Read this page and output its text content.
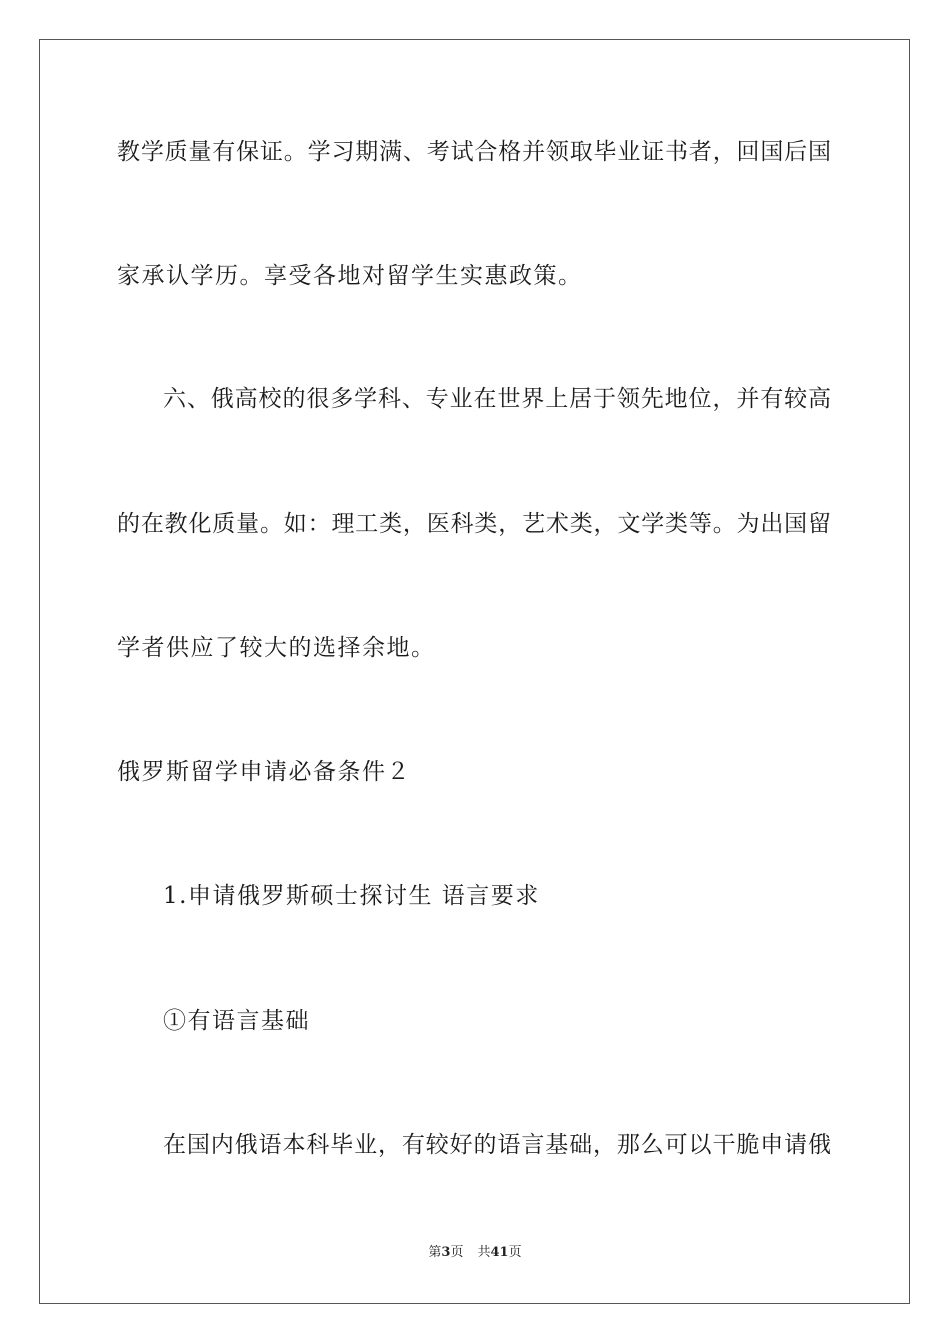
教学质量有保证。学习期满、考试合格并领取毕业证书者，回国后国
家承认学历。享受各地对留学生实惠政策。
六、俄高校的很多学科、专业在世界上居于领先地位，并有较高
的在教化质量。如：理工类，医科类，艺术类，文学类等。为出国留
学者供应了较大的选择余地。
俄罗斯留学申请必备条件２
1.申请俄罗斯硕士探讨生 语言要求
①有语言基础
在国内俄语本科毕业，有较好的语言基础，那么可以干脆申请俄
第3页 共41页
